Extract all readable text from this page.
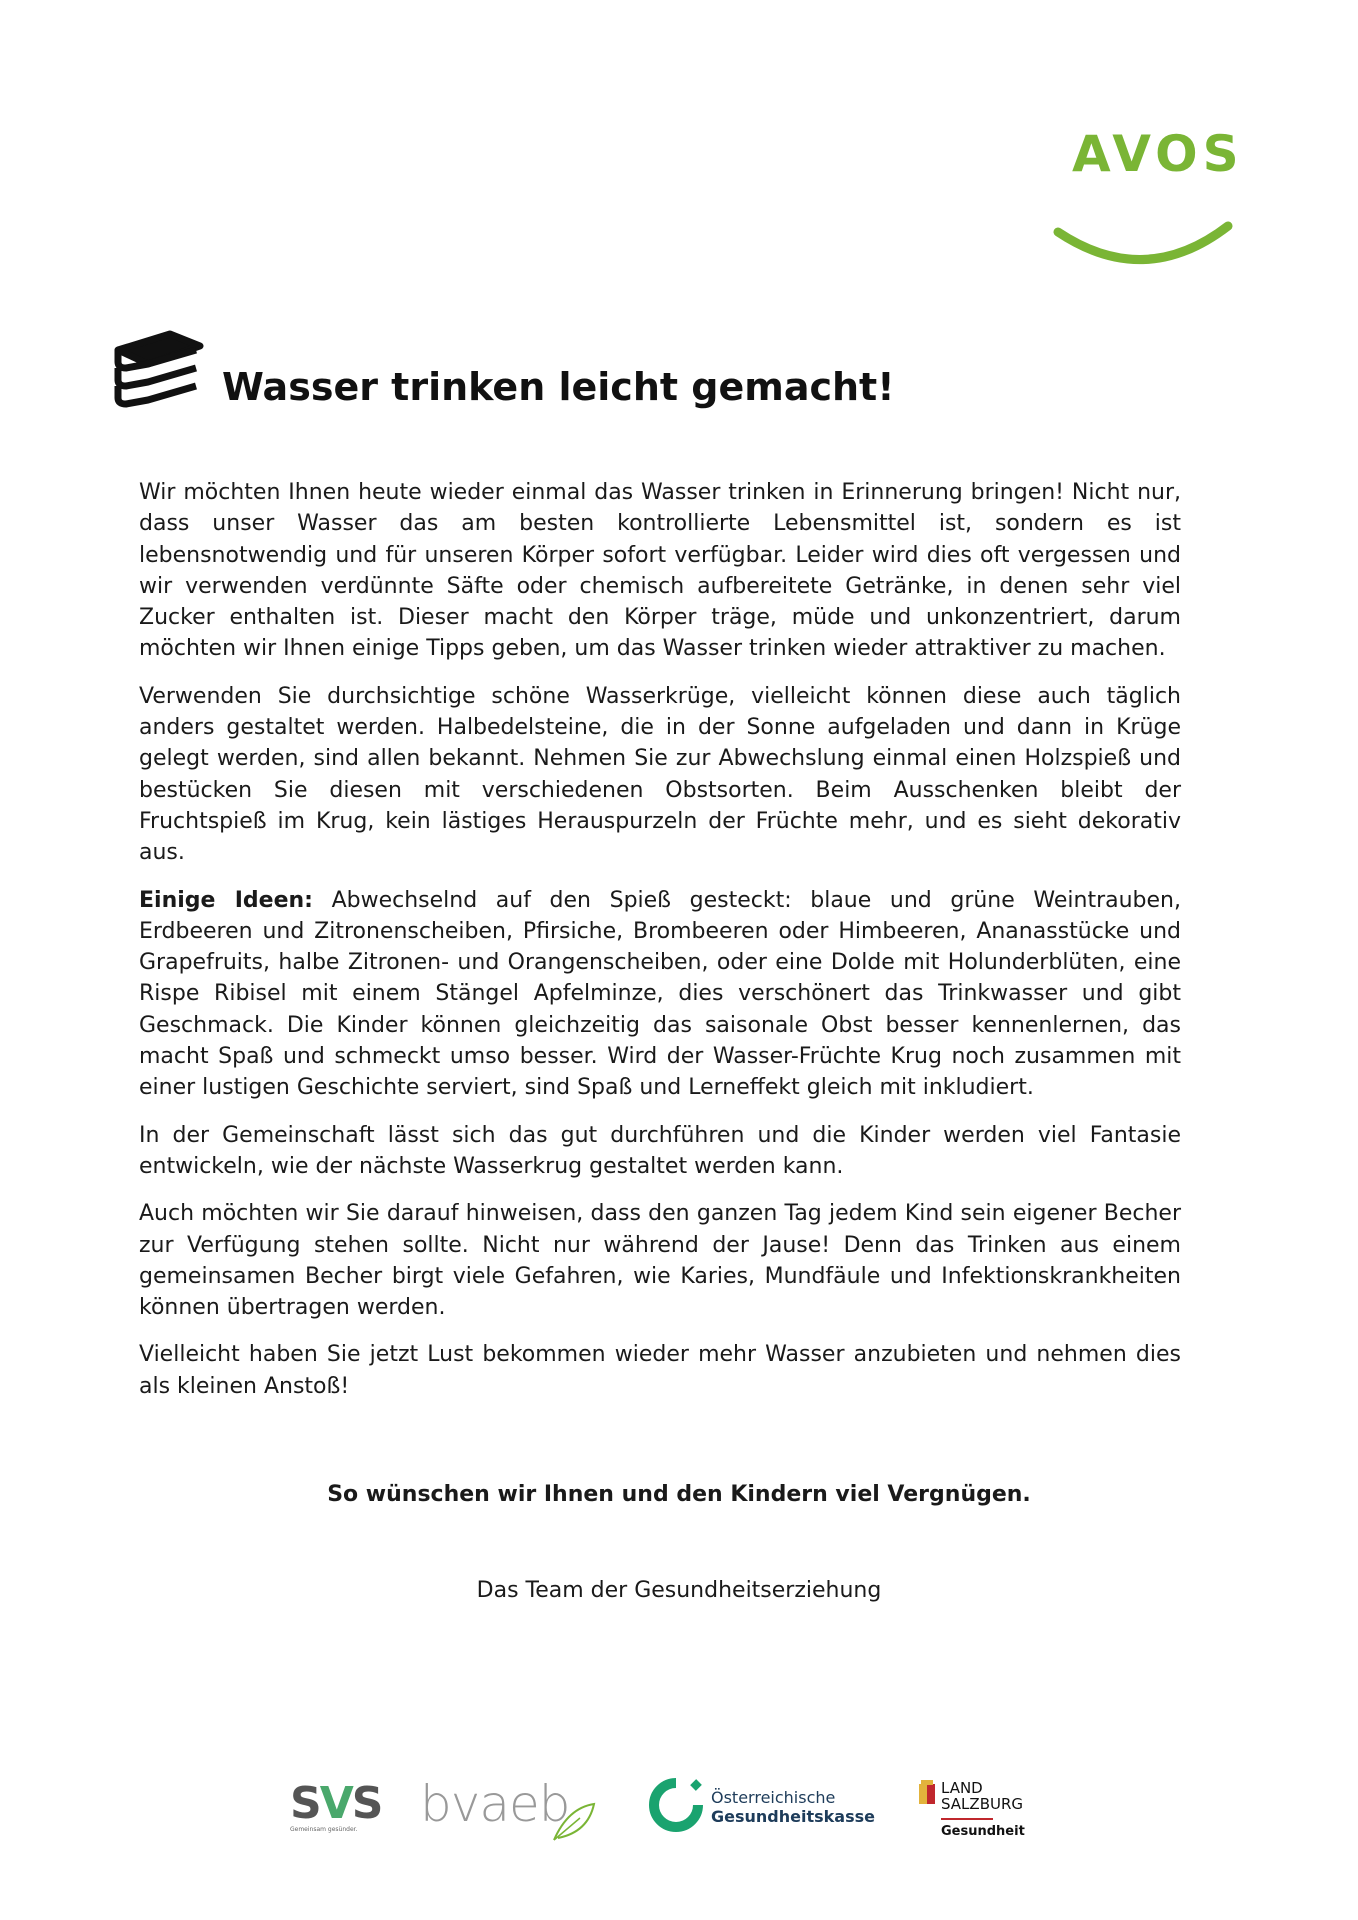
AVOS
Wasser trinken leicht gemacht!

Wir möchten Ihnen heute wieder einmal das Wasser trinken in Erinnerung bringen! Nicht nur, dass unser Wasser das am besten kontrollierte Lebensmittel ist, sondern es ist lebensnotwendig und für unseren Körper sofort verfügbar. Leider wird dies oft vergessen und wir verwenden verdünnte Säfte oder chemisch aufbereitete Getränke, in denen sehr viel Zucker enthalten ist. Dieser macht den Körper träge, müde und unkonzentriert, darum möchten wir Ihnen einige Tipps geben, um das Wasser trinken wieder attraktiver zu machen.

Verwenden Sie durchsichtige schöne Wasserkrüge, vielleicht können diese auch täglich anders gestaltet werden. Halbedelsteine, die in der Sonne aufgeladen und dann in Krüge gelegt werden, sind allen bekannt. Nehmen Sie zur Abwechslung einmal einen Holzspieß und bestücken Sie diesen mit verschiedenen Obstsorten. Beim Ausschenken bleibt der Fruchtspieß im Krug, kein lästiges Herauspurzeln der Früchte mehr, und es sieht dekorativ aus.

Einige Ideen: Abwechselnd auf den Spieß gesteckt: blaue und grüne Weintrauben, Erdbeeren und Zitronenscheiben, Pfirsiche, Brombeeren oder Himbeeren, Ananasstücke und Grapefruits, halbe Zitronen- und Orangenscheiben, oder eine Dolde mit Holunderblüten, eine Rispe Ribisel mit einem Stängel Apfelminze, dies verschönert das Trinkwasser und gibt Geschmack. Die Kinder können gleichzeitig das saisonale Obst besser kennenlernen, das macht Spaß und schmeckt umso besser. Wird der Wasser-Früchte Krug noch zusammen mit einer lustigen Geschichte serviert, sind Spaß und Lerneffekt gleich mit inkludiert.

In der Gemeinschaft lässt sich das gut durchführen und die Kinder werden viel Fantasie entwickeln, wie der nächste Wasserkrug gestaltet werden kann.

Auch möchten wir Sie darauf hinweisen, dass den ganzen Tag jedem Kind sein eigener Becher zur Verfügung stehen sollte. Nicht nur während der Jause! Denn das Trinken aus einem gemeinsamen Becher birgt viele Gefahren, wie Karies, Mundfäule und Infektionskrankheiten können übertragen werden.

Vielleicht haben Sie jetzt Lust bekommen wieder mehr Wasser anzubieten und nehmen dies als kleinen Anstoß!

So wünschen wir Ihnen und den Kindern viel Vergnügen.
Das Team der Gesundheitserziehung
SVS
Gemeinsam gesünder. bvaeb	Österreichische
Gesundheitskasse
LAND
SALZBURG
Gesundheit
